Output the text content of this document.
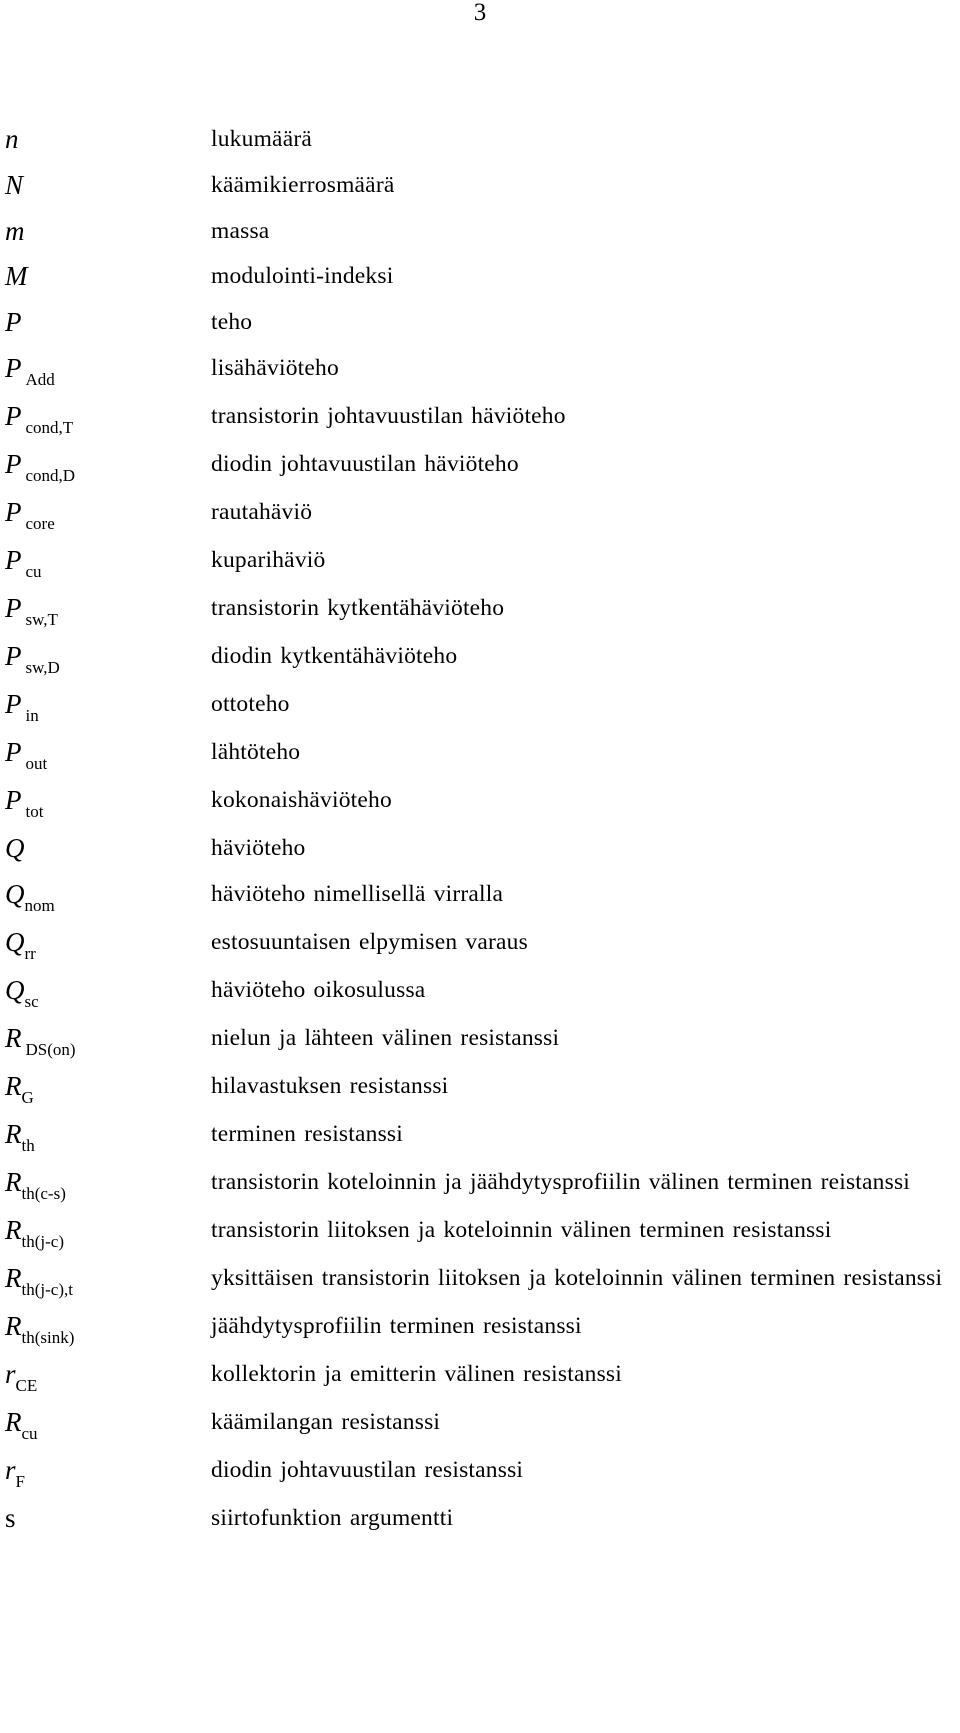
3
n	lukumäärä
N	käämikierrosmäärä
m	massa
M	modulointi-indeksi
P	teho
P $_{Add}$	lisähäviöteho
P $_{cond,T}$	transistorin johtavuustilan häviöteho
P $_{cond,D}$	diodin johtavuustilan häviöteho
P $_{core}$	rautahäviö
P $_{cu}$	kuparihäviö
P $_{sw,T}$	transistorin kytkentähäviöteho
P $_{sw,D}$	diodin kytkentähäviöteho
P $_{in}$	ottoteho
P $_{out}$	lähtöteho
P $_{tot}$	kokonaishäviöteho
Q	häviöteho
$Q_{nom}$	häviöteho nimellisellä virralla
$Q_{rr}$	estosuuntaisen elpymisen varaus
$Q_{sc}$	häviöteho oikosulussa
R $_{DS(on)}$	nielun ja lähteen välinen resistanssi
$R_G$	hilavastuksen resistanssi
$R_{th}$	terminen resistanssi
$R_{th(c-s)}$	transistorin koteloinnin ja jäähdytysprofiilin välinen terminen reistanssi
$R_{th(j-c)}$	transistorin liitoksen ja koteloinnin välinen terminen resistanssi
$R_{th(j-c),t}$	yksittäisen transistorin liitoksen ja koteloinnin välinen terminen resistanssi
$R_{th(sink)}$	jäähdytysprofiilin terminen resistanssi
$r_{CE}$	kollektorin ja emitterin välinen resistanssi
$R_{cu}$	käämilangan resistanssi
$r_F$	diodin johtavuustilan resistanssi
s	siirtofunktion argumentti
